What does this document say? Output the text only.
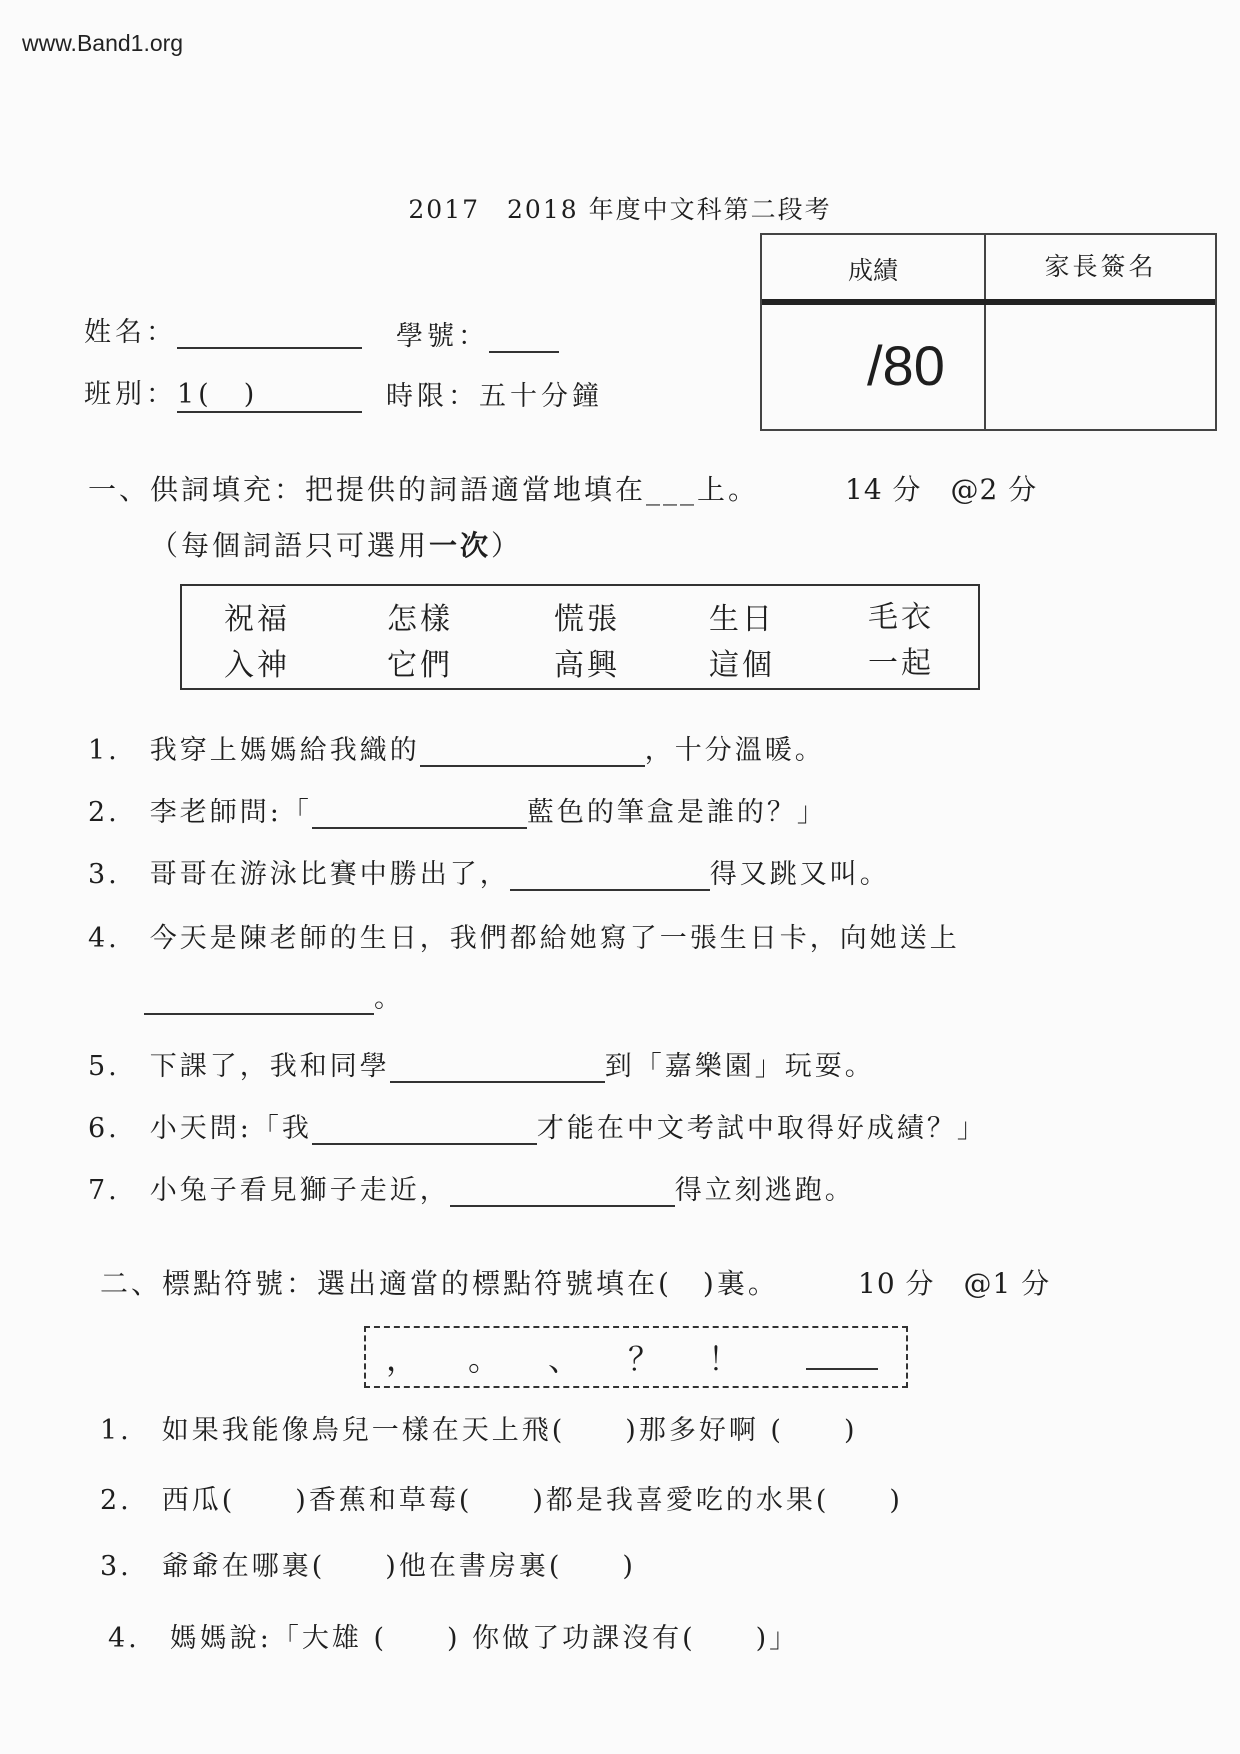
www.Band1.org
2017　2018 年度中文科第二段考
姓名：	學號：
班別：1(　)	時限：五十分鐘
成績	家長簽名
/80
一、供詞填充：把提供的詞語適當地填在___上。	14 分　@2 分
（每個詞語只可選用一次）
祝福	怎樣	慌張	生日	毛衣
入神	它們	高興	這個	一起
1.　 我穿上媽媽給我織的	，十分溫暖。
2.　 李老師問:「	藍色的筆盒是誰的？」
3.　 哥哥在游泳比賽中勝出了，	得又跳又叫。
4.　 今天是陳老師的生日，我們都給她寫了一張生日卡，向她送上
。
5.　 下課了，我和同學	到「嘉樂園」玩耍。
6.　 小天問:「我	才能在中文考試中取得好成績？」
7.　 小兔子看見獅子走近，	得立刻逃跑。
二、標點符號：選出適當的標點符號填在(　)裏。	10 分　@1 分
， 。 、 ？ ！
1.　 如果我能像鳥兒一樣在天上飛(　　)那多好啊 (　　)
2.　 西瓜(　　)香蕉和草莓(　　)都是我喜愛吃的水果(　　)
3.　 爺爺在哪裏(　　)他在書房裏(　　)
4.　 媽媽說:「大雄 (　　) 你做了功課沒有(　　)」
